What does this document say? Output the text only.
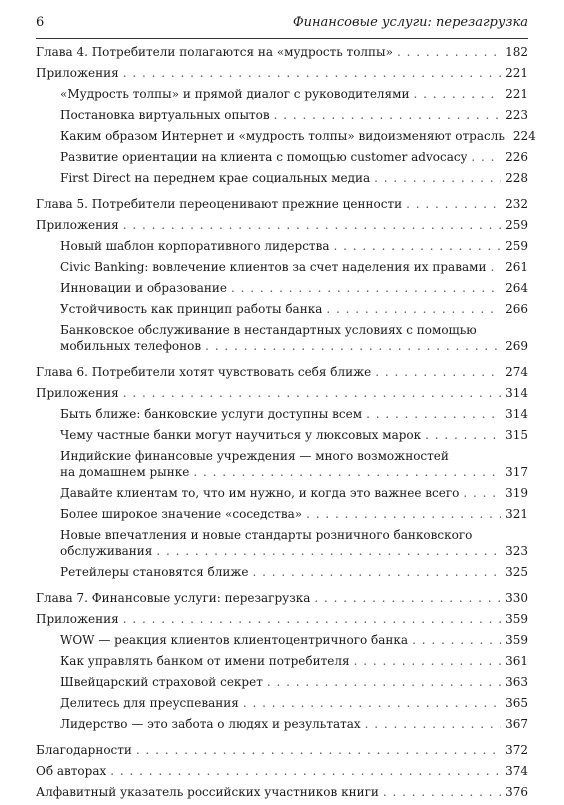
6	Финансовые услуги: перезагрузка
Глава 4. Потребители полагаются на «мудрость толпы» . . .	182
Приложения . . .	221
«Мудрость толпы» и прямой диалог с руководителями . . .	221
Постановка виртуальных опытов . . .	223
Каким образом Интернет и «мудрость толпы» видоизменяют отрасль 224
Развитие ориентации на клиента с помощью customer advocacy . . .	226
First Direct на переднем крае социальных медиа . . .	228
Глава 5. Потребители переоценивают прежние ценности . . .	232
Приложения . . .	259
Новый шаблон корпоративного лидерства . . .	259
Civic Banking: вовлечение клиентов за счет наделения их правами . . . 261
Инновации и образование . . .	264
Устойчивость как принцип работы банка . . .	266
Банковское обслуживание в нестандартных условиях с помощью
мобильных телефонов . . .	269
Глава 6. Потребители хотят чувствовать себя ближе . . .	274
Приложения . . .	314
Быть ближе: банковские услуги доступны всем . . .	314
Чему частные банки могут научиться у люксовых марок . . .	315
Индийские финансовые учреждения — много возможностей
на домашнем рынке . . .	317
Давайте клиентам то, что им нужно, и когда это важнее всего . . .	319
Более широкое значение «соседства» . . .	321
Новые впечатления и новые стандарты розничного банковского
обслуживания . . .	323
Ретейлеры становятся ближе . . .	325
Глава 7. Финансовые услуги: перезагрузка . . .	330
Приложения . . .	359
WOW — реакция клиентов клиентоцентричного банка . . .	359
Как управлять банком от имени потребителя . . .	361
Швейцарский страховой секрет . . .	363
Делитесь для преуспевания . . .	365
Лидерство — это забота о людях и результатах . . .	367
Благодарности . . .	372
Об авторах . . .	374
Алфавитный указатель российских участников книги . . .	376
